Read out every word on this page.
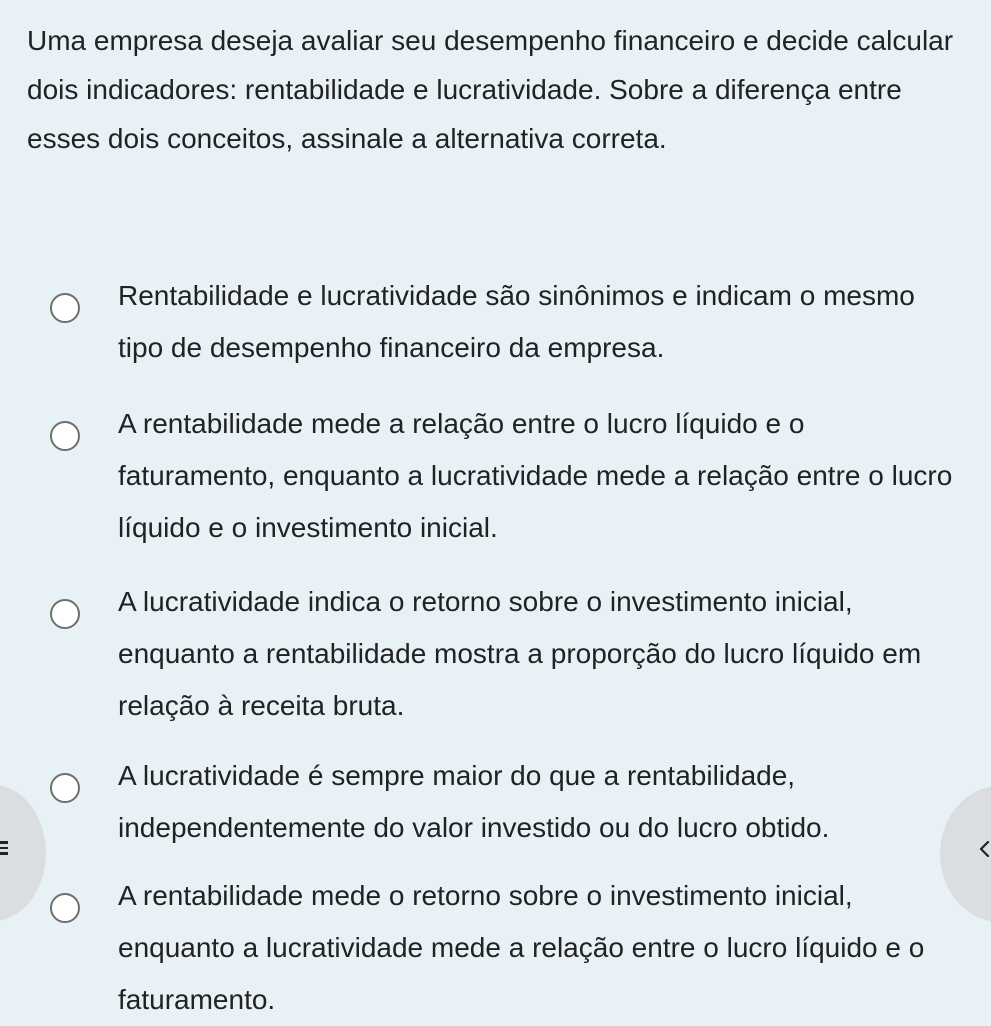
Uma empresa deseja avaliar seu desempenho financeiro e decide calcular dois indicadores: rentabilidade e lucratividade. Sobre a diferença entre esses dois conceitos, assinale a alternativa correta.

Rentabilidade e lucratividade são sinônimos e indicam o mesmo tipo de desempenho financeiro da empresa.

A rentabilidade mede a relação entre o lucro líquido e o faturamento, enquanto a lucratividade mede a relação entre o lucro líquido e o investimento inicial.

A lucratividade indica o retorno sobre o investimento inicial, enquanto a rentabilidade mostra a proporção do lucro líquido em relação à receita bruta.

A lucratividade é sempre maior do que a rentabilidade, independentemente do valor investido ou do lucro obtido.

A rentabilidade mede o retorno sobre o investimento inicial, enquanto a lucratividade mede a relação entre o lucro líquido e o faturamento.
